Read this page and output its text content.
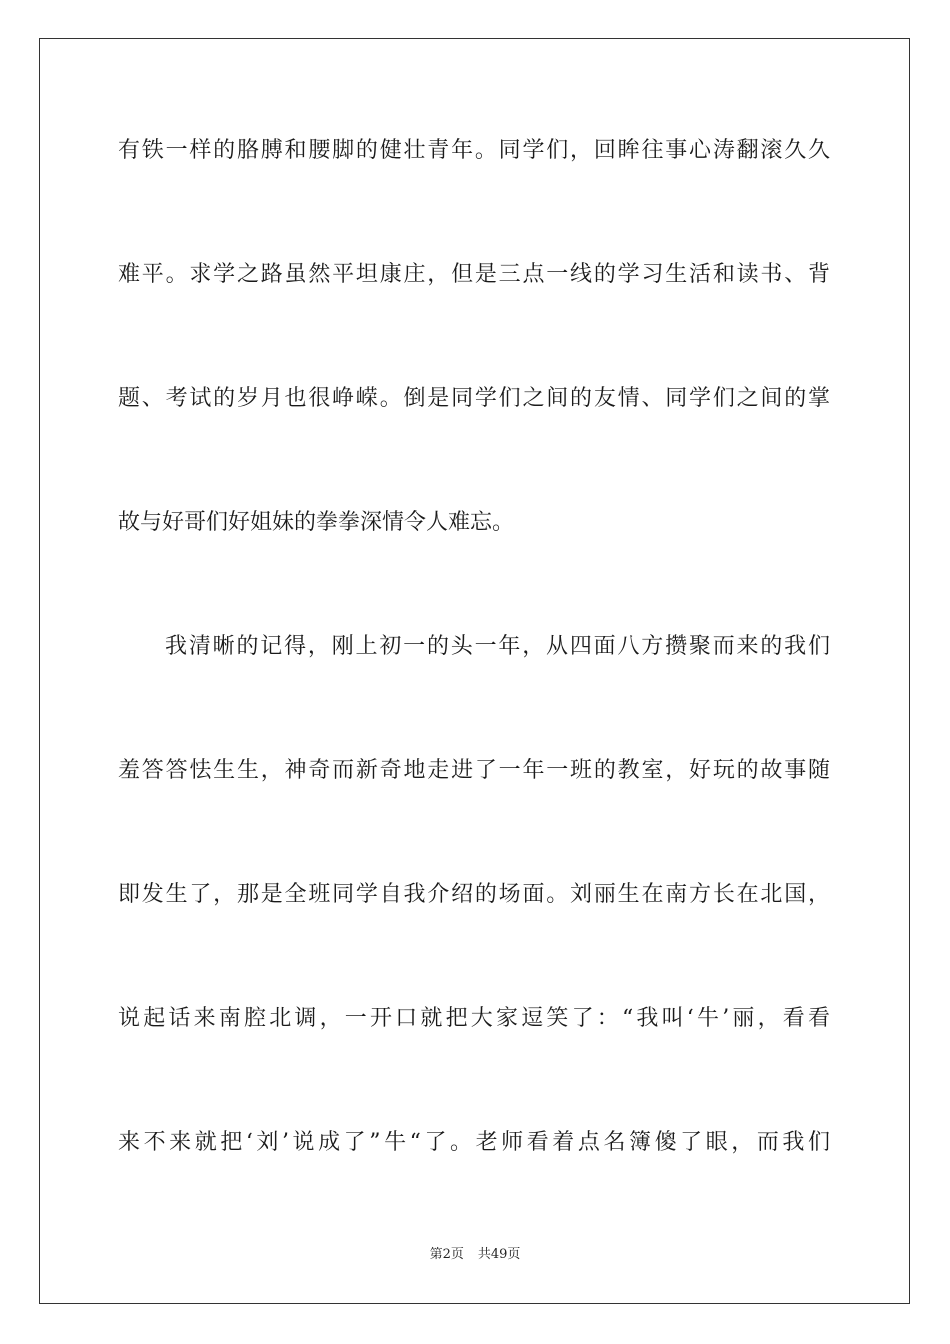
有铁一样的胳膊和腰脚的健壮青年。同学们，回眸往事心涛翻滚久久
难平。求学之路虽然平坦康庄，但是三点一线的学习生活和读书、背
题、考试的岁月也很峥嵘。倒是同学们之间的友情、同学们之间的掌
故与好哥们好姐妹的拳拳深情令人难忘。
我清晰的记得，刚上初一的头一年，从四面八方攒聚而来的我们
羞答答怯生生，神奇而新奇地走进了一年一班的教室，好玩的故事随
即发生了，那是全班同学自我介绍的场面。刘丽生在南方长在北国，
说起话来南腔北调，一开口就把大家逗笑了：“我叫‘牛’丽，看看
来不来就把‘刘’说成了”牛“了。老师看着点名簿傻了眼，而我们
第2页 共49页
